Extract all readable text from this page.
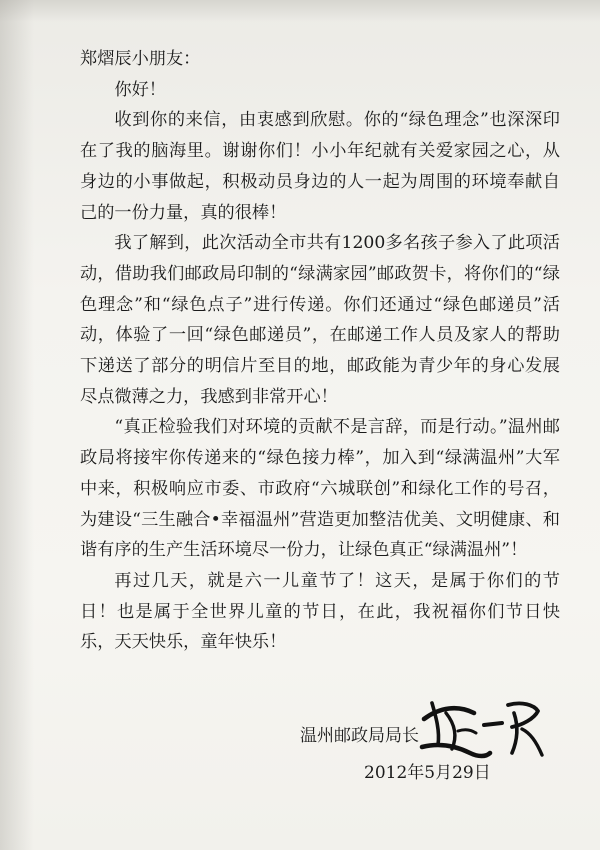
郑熠辰小朋友：

你好！

收到你的来信，由衷感到欣慰。你的“绿色理念”也深深印在了我的脑海里。谢谢你们！小小年纪就有关爱家园之心，从身边的小事做起，积极动员身边的人一起为周围的环境奉献自己的一份力量，真的很棒！

我了解到，此次活动全市共有1200多名孩子参入了此项活动，借助我们邮政局印制的“绿满家园”邮政贺卡，将你们的“绿色理念”和“绿色点子”进行传递。你们还通过“绿色邮递员”活动，体验了一回“绿色邮递员”，在邮递工作人员及家人的帮助下递送了部分的明信片至目的地，邮政能为青少年的身心发展尽点微薄之力，我感到非常开心！

“真正检验我们对环境的贡献不是言辞，而是行动。”温州邮政局将接牢你传递来的“绿色接力棒”，加入到“绿满温州”大军中来，积极响应市委、市政府“六城联创”和绿化工作的号召，为建设“三生融合•幸福温州”营造更加整洁优美、文明健康、和谐有序的生产生活环境尽一份力，让绿色真正“绿满温州”！

再过几天，就是六一儿童节了！这天，是属于你们的节日！也是属于全世界儿童的节日，在此，我祝福你们节日快乐，天天快乐，童年快乐！

温州邮政局局长
2012年5月29日
